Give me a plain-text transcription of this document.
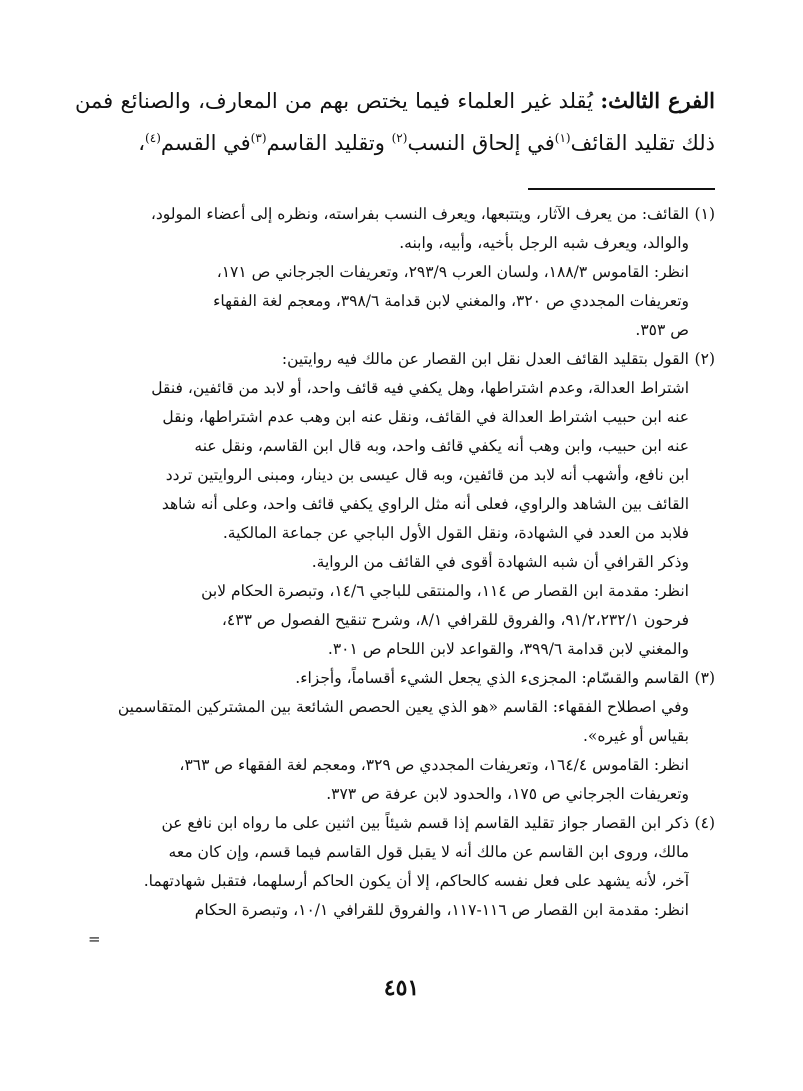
الفرع الثالث: يُقلد غير العلماء فيما يختص بهم من المعارف، والصنائع فمن ذلك تقليد القائف$^{(١)}$في إلحاق النسب$^{(٢)}$ وتقليد القاسم$^{(٣)}$في القسم$^{(٤)}$،
(١)
القائف: من يعرف الآثار، ويتتبعها، ويعرف النسب بفراسته، ونظره إلى أعضاء المولود،
والوالد، ويعرف شبه الرجل بأخيه، وأبيه، وابنه.
انظر: القاموس ١٨٨/٣، ولسان العرب ٢٩٣/٩، وتعريفات الجرجاني ص ١٧١،
وتعريفات المجددي ص ٣٢٠، والمغني لابن قدامة ٣٩٨/٦، ومعجم لغة الفقهاء
ص ٣٥٣.
(٢)
القول بتقليد القائف العدل نقل ابن القصار عن مالك فيه روايتين:
اشتراط العدالة، وعدم اشتراطها، وهل يكفي فيه قائف واحد، أو لابد من قائفين، فنقل
عنه ابن حبيب اشتراط العدالة في القائف، ونقل عنه ابن وهب عدم اشتراطها، ونقل
عنه ابن حبيب، وابن وهب أنه يكفي قائف واحد، وبه قال ابن القاسم، ونقل عنه
ابن نافع، وأشهب أنه لابد من قائفين، وبه قال عيسى بن دينار، ومبنى الروايتين تردد
القائف بين الشاهد والراوي، فعلى أنه مثل الراوي يكفي قائف واحد، وعلى أنه شاهد
فلابد من العدد في الشهادة، ونقل القول الأول الباجي عن جماعة المالكية.
وذكر القرافي أن شبه الشهادة أقوى في القائف من الرواية.
انظر: مقدمة ابن القصار ص ١١٤، والمنتقى للباجي ١٤/٦، وتبصرة الحكام لابن
فرحون ٩١/٢،٢٣٢/١، والفروق للقرافي ٨/١، وشرح تنقيح الفصول ص ٤٣٣،
والمغني لابن قدامة ٣٩٩/٦، والقواعد لابن اللحام ص ٣٠١.
(٣)
القاسم والقسّام: المجزىء الذي يجعل الشيء أقساماً، وأجزاء.
وفي اصطلاح الفقهاء: القاسم «هو الذي يعين الحصص الشائعة بين المشتركين المتقاسمين
بقياس أو غيره».
انظر: القاموس ١٦٤/٤، وتعريفات المجددي ص ٣٢٩، ومعجم لغة الفقهاء ص ٣٦٣،
وتعريفات الجرجاني ص ١٧٥، والحدود لابن عرفة ص ٣٧٣.
(٤)
ذكر ابن القصار جواز تقليد القاسم إذا قسم شيئاً بين اثنين على ما رواه ابن نافع عن
مالك، وروى ابن القاسم عن مالك أنه لا يقبل قول القاسم فيما قسم، وإن كان معه
آخر، لأنه يشهد على فعل نفسه كالحاكم، إلا أن يكون الحاكم أرسلهما، فتقبل شهادتهما.
انظر: مقدمة ابن القصار ص ١١٦-١١٧، والفروق للقرافي ١٠/١، وتبصرة الحكام
=
٤٥١
